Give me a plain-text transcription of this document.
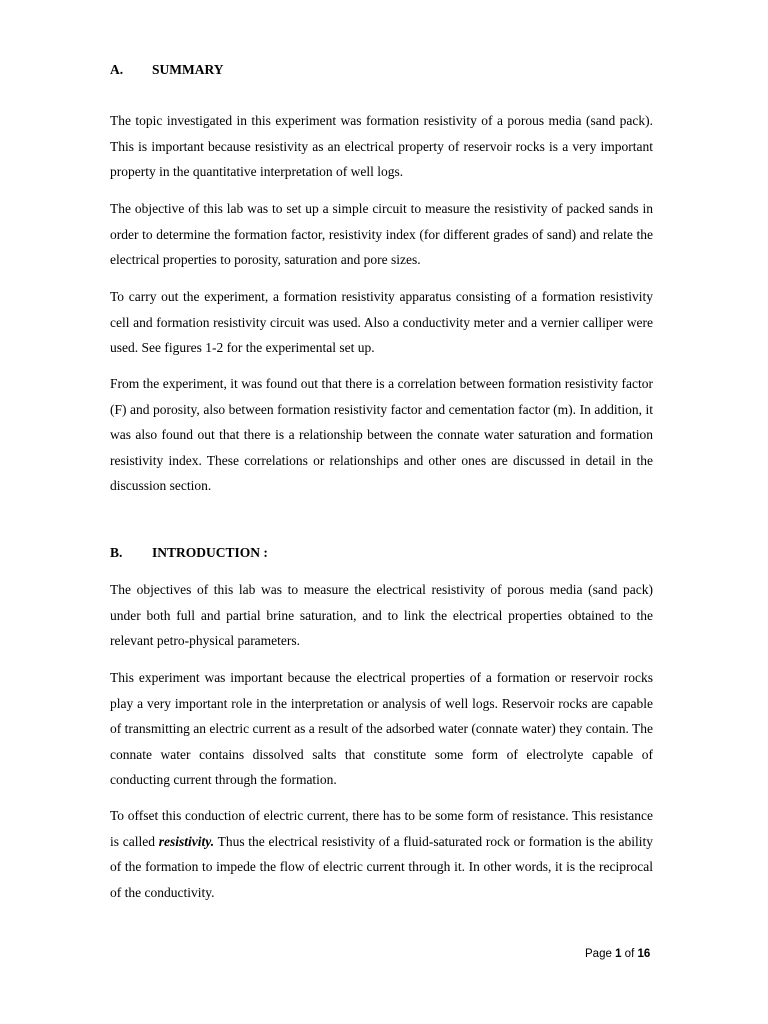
A. SUMMARY

The topic investigated in this experiment was formation resistivity of a porous media (sand pack). This is important because resistivity as an electrical property of reservoir rocks is a very important property in the quantitative interpretation of well logs.

The objective of this lab was to set up a simple circuit to measure the resistivity of packed sands in order to determine the formation factor, resistivity index (for different grades of sand) and relate the electrical properties to porosity, saturation and pore sizes.

To carry out the experiment, a formation resistivity apparatus consisting of a formation resistivity cell and formation resistivity circuit was used. Also a conductivity meter and a vernier calliper were used. See figures 1-2 for the experimental set up.

From the experiment, it was found out that there is a correlation between formation resistivity factor (F) and porosity, also between formation resistivity factor and cementation factor (m). In addition, it was also found out that there is a relationship between the connate water saturation and formation resistivity index. These correlations or relationships and other ones are discussed in detail in the discussion section.

B. INTRODUCTION :

The objectives of this lab was to measure the electrical resistivity of porous media (sand pack) under both full and partial brine saturation, and to link the electrical properties obtained to the relevant petro-physical parameters.

This experiment was important because the electrical properties of a formation or reservoir rocks play a very important role in the interpretation or analysis of well logs. Reservoir rocks are capable of transmitting an electric current as a result of the adsorbed water (connate water) they contain. The connate water contains dissolved salts that constitute some form of electrolyte capable of conducting current through the formation.

To offset this conduction of electric current, there has to be some form of resistance. This resistance is called resistivity. Thus the electrical resistivity of a fluid-saturated rock or formation is the ability of the formation to impede the flow of electric current through it. In other words, it is the reciprocal of the conductivity.

Page 1 of 16
